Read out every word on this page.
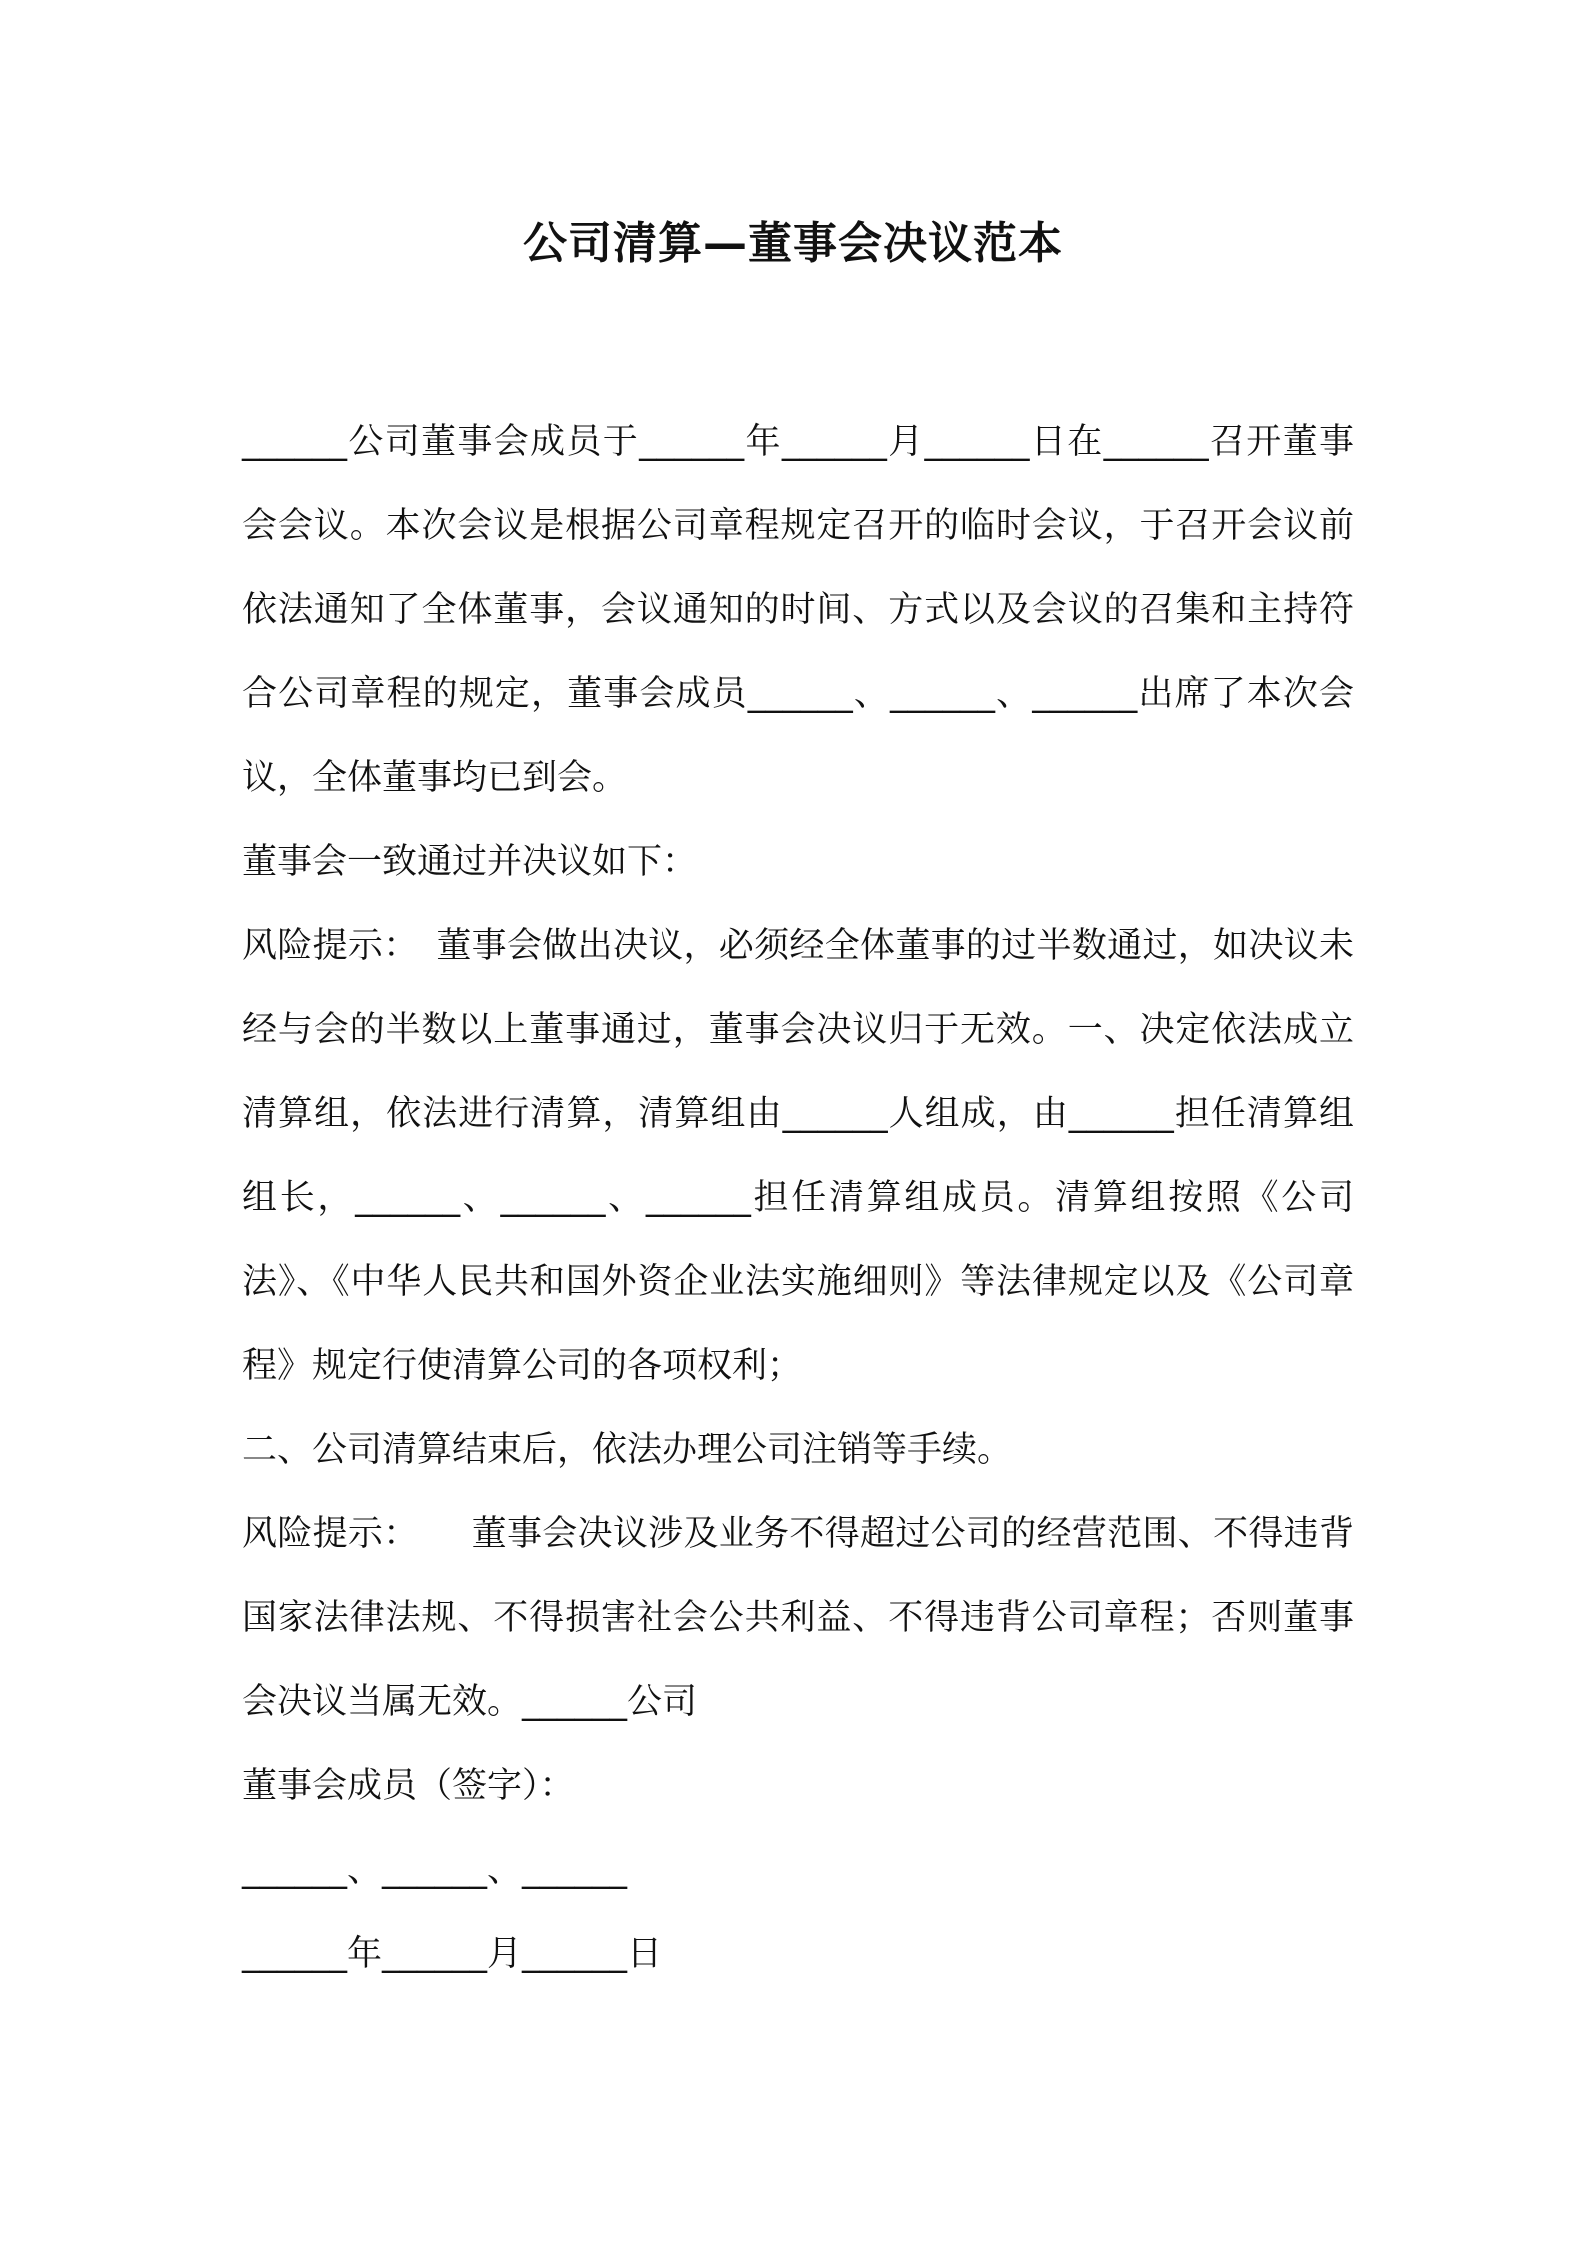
公司清算—董事会决议范本

______公司董事会成员于______年______月______日在______召开董事会会议。本次会议是根据公司章程规定召开的临时会议，于召开会议前依法通知了全体董事，会议通知的时间、方式以及会议的召集和主持符合公司章程的规定，董事会成员______、______、______出席了本次会议，全体董事均已到会。

董事会一致通过并决议如下：

风险提示：　董事会做出决议，必须经全体董事的过半数通过，如决议未经与会的半数以上董事通过，董事会决议归于无效。一、决定依法成立清算组，依法进行清算，清算组由______人组成，由______担任清算组组长，______、______、______担任清算组成员。清算组按照《公司法》、《中华人民共和国外资企业法实施细则》等法律规定以及《公司章程》规定行使清算公司的各项权利；

二、公司清算结束后，依法办理公司注销等手续。

风险提示：　　董事会决议涉及业务不得超过公司的经营范围、不得违背国家法律法规、不得损害社会公共利益、不得违背公司章程；否则董事会决议当属无效。______公司

董事会成员（签字）：

______、______、______

______年______月______日
